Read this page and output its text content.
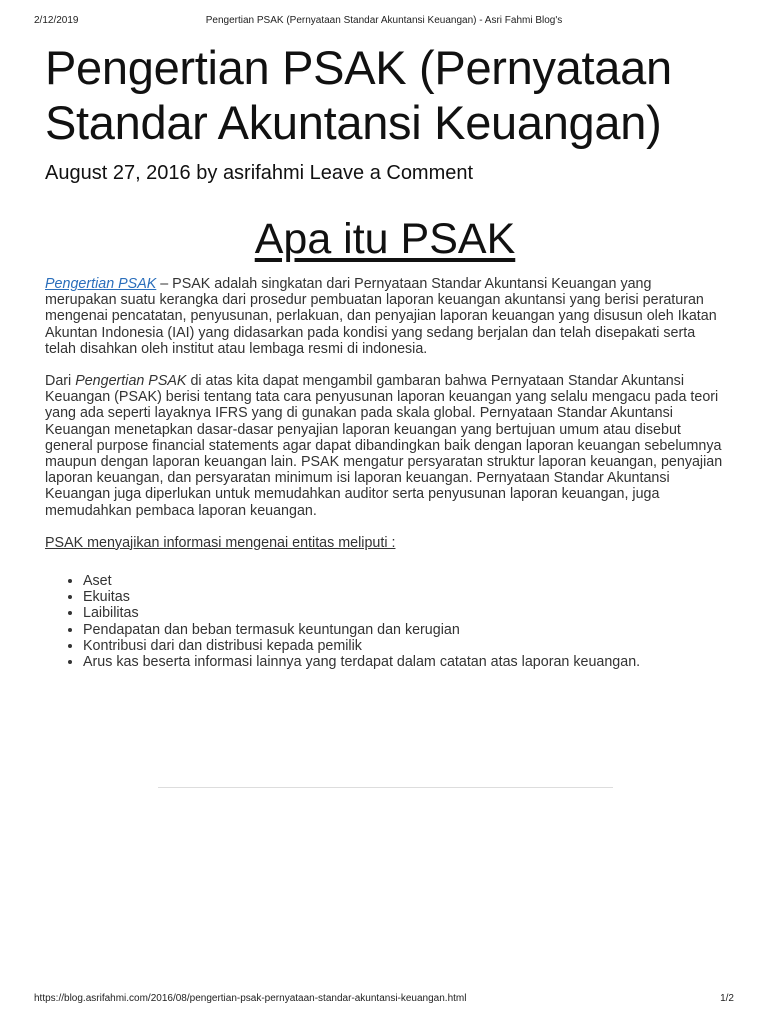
2/12/2019	Pengertian PSAK (Pernyataan Standar Akuntansi Keuangan) - Asri Fahmi Blog's
Pengertian PSAK (Pernyataan Standar Akuntansi Keuangan)
August 27, 2016 by asrifahmi Leave a Comment
Apa itu PSAK

Pengertian PSAK – PSAK adalah singkatan dari Pernyataan Standar Akuntansi Keuangan yang merupakan suatu kerangka dari prosedur pembuatan laporan keuangan akuntansi yang berisi peraturan mengenai pencatatan, penyusunan, perlakuan, dan penyajian laporan keuangan yang disusun oleh Ikatan Akuntan Indonesia (IAI) yang didasarkan pada kondisi yang sedang berjalan dan telah disepakati serta telah disahkan oleh institut atau lembaga resmi di indonesia.

Dari Pengertian PSAK di atas kita dapat mengambil gambaran bahwa Pernyataan Standar Akuntansi Keuangan (PSAK) berisi tentang tata cara penyusunan laporan keuangan yang selalu mengacu pada teori yang ada seperti layaknya IFRS yang di gunakan pada skala global. Pernyataan Standar Akuntansi Keuangan menetapkan dasar-dasar penyajian laporan keuangan yang bertujuan umum atau disebut general purpose financial statements agar dapat dibandingkan baik dengan laporan keuangan sebelumnya maupun dengan laporan keuangan lain. PSAK mengatur persyaratan struktur laporan keuangan, penyajian laporan keuangan, dan persyaratan minimum isi laporan keuangan. Pernyataan Standar Akuntansi Keuangan juga diperlukan untuk memudahkan auditor serta penyusunan laporan keuangan, juga memudahkan pembaca laporan keuangan.

PSAK menyajikan informasi mengenai entitas meliputi :

• Aset
• Ekuitas
• Laibilitas
• Pendapatan dan beban termasuk keuntungan dan kerugian
• Kontribusi dari dan distribusi kepada pemilik
• Arus kas beserta informasi lainnya yang terdapat dalam catatan atas laporan keuangan.
https://blog.asrifahmi.com/2016/08/pengertian-psak-pernyataan-standar-akuntansi-keuangan.html	1/2
